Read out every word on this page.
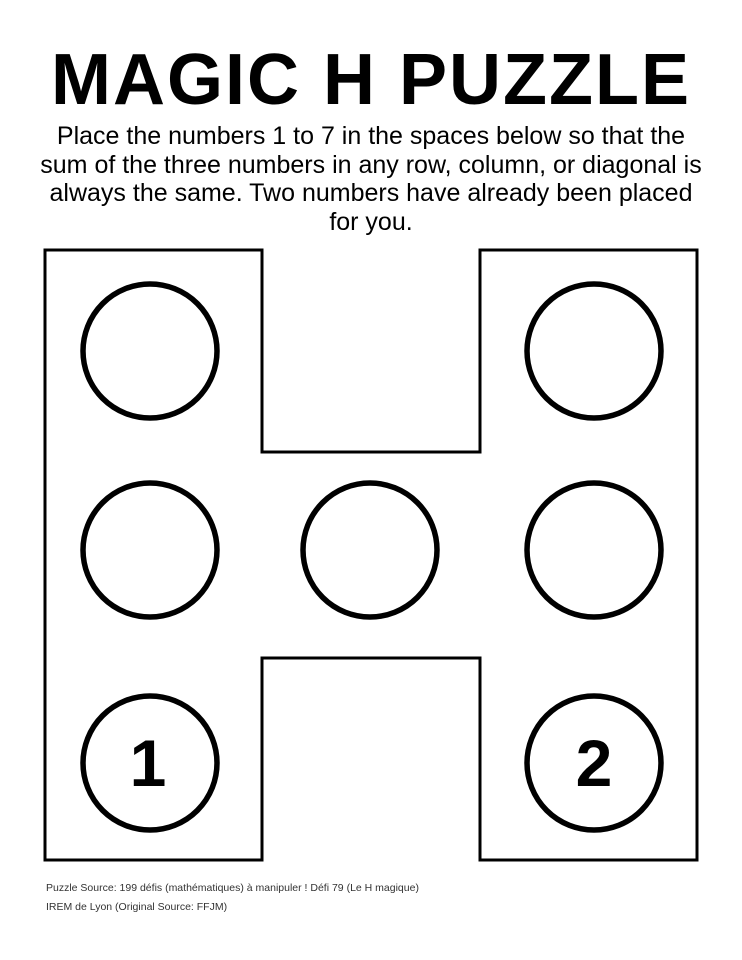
MAGIC H PUZZLE
Place the numbers 1 to 7 in the spaces below so that the sum of the three numbers in any row, column, or diagonal is always the same. Two numbers have already been placed for you.
1	2
Puzzle Source: 199 défis (mathématiques) à manipuler ! Défi 79 (Le H magique)
IREM de Lyon (Original Source: FFJM)
